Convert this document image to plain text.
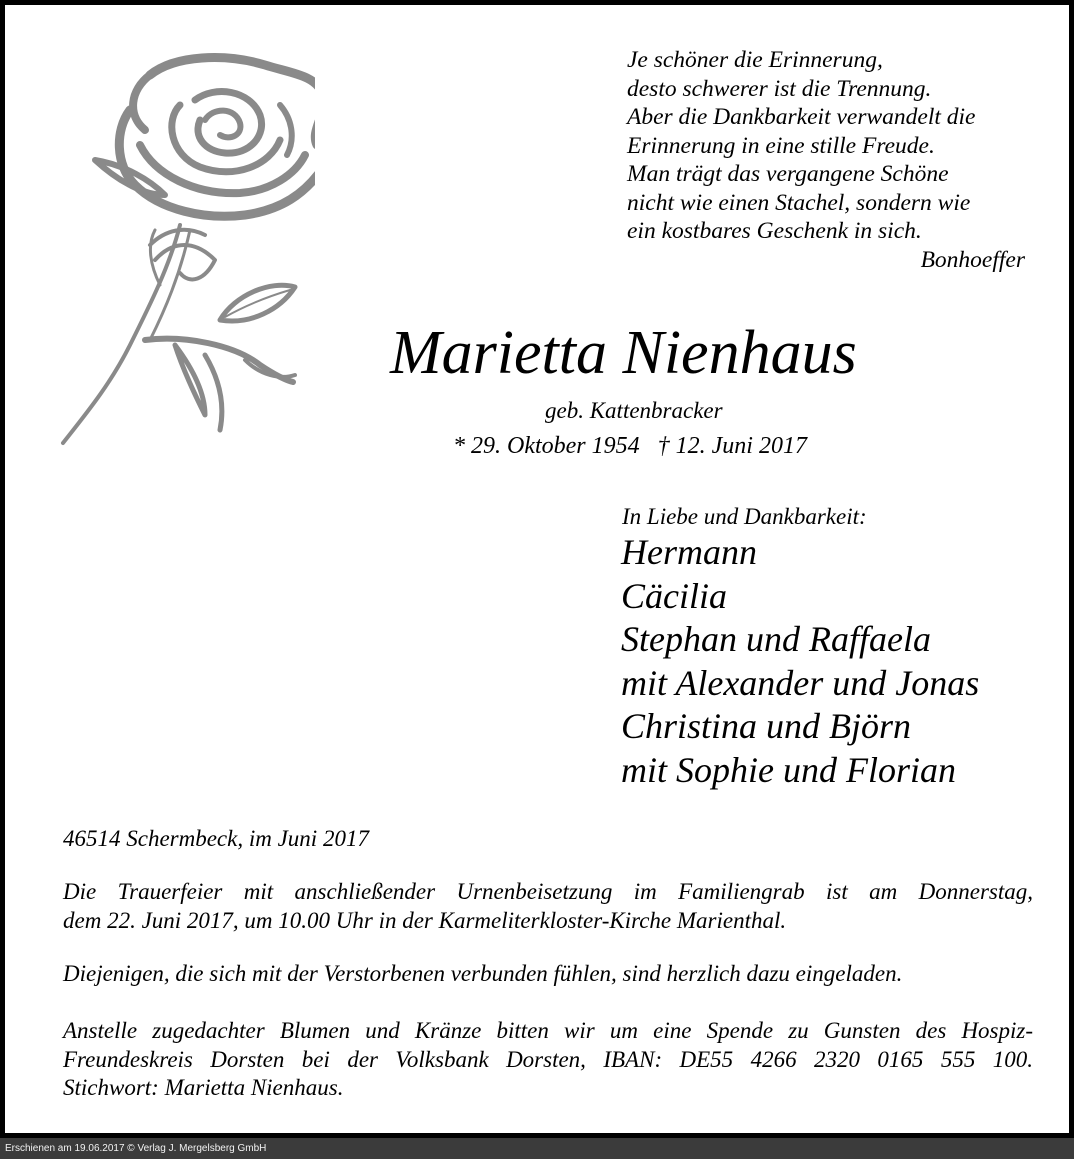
Je schöner die Erinnerung,
desto schwerer ist die Trennung.
Aber die Dankbarkeit verwandelt die
Erinnerung in eine stille Freude.
Man trägt das vergangene Schöne
nicht wie einen Stachel, sondern wie
ein kostbares Geschenk in sich.
Bonhoeffer
Marietta Nienhaus
geb. Kattenbracker
* 29. Oktober 1954 † 12. Juni 2017
In Liebe und Dankbarkeit:
Hermann
Cäcilia
Stephan und Raffaela
mit Alexander und Jonas
Christina und Björn
mit Sophie und Florian
46514 Schermbeck, im Juni 2017
Die Trauerfeier mit anschließender Urnenbeisetzung im Familiengrab ist am Donnerstag,
dem 22. Juni 2017, um 10.00 Uhr in der Karmeliterkloster-Kirche Marienthal.
Diejenigen, die sich mit der Verstorbenen verbunden fühlen, sind herzlich dazu eingeladen.
Anstelle zugedachter Blumen und Kränze bitten wir um eine Spende zu Gunsten des Hospiz-
Freundeskreis Dorsten bei der Volksbank Dorsten, IBAN: DE55 4266 2320 0165 555 100.
Stichwort: Marietta Nienhaus.
Erschienen am 19.06.2017 © Verlag J. Mergelsberg GmbH
